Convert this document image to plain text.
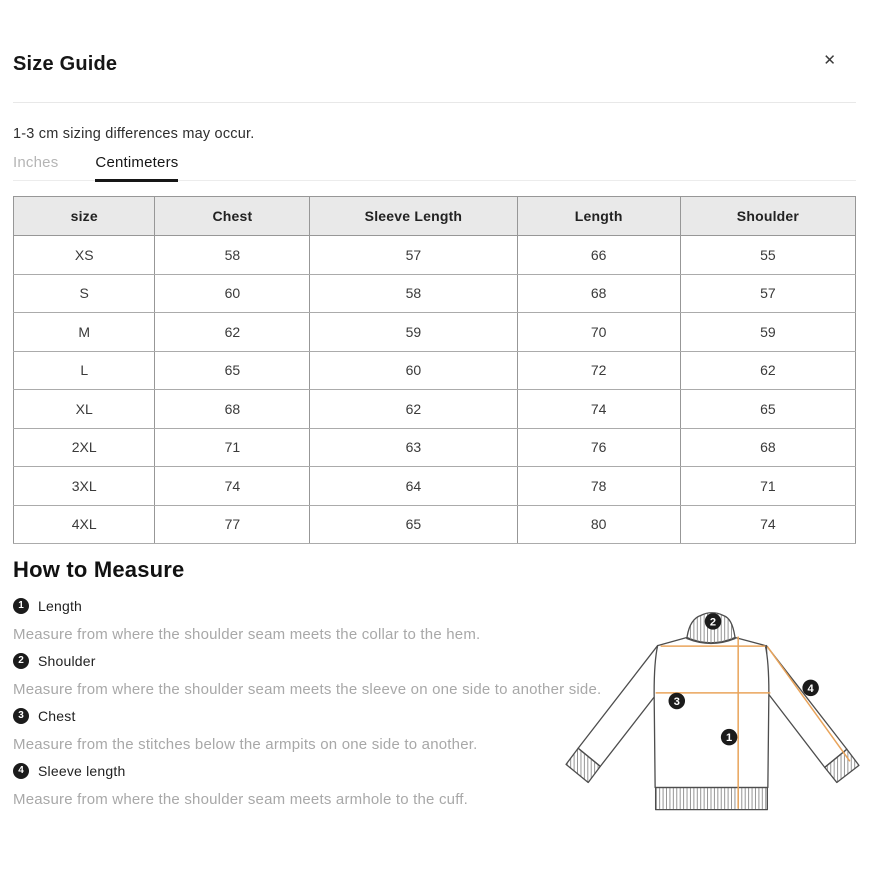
Size Guide	✕
1-3 cm sizing differences may occur.
Inches Centimeters
size	Chest	Sleeve Length	Length	Shoulder
XS	58	57	66	55
S	60	58	68	57
M	62	59	70	59
L	65	60	72	62
XL	68	62	74	65
2XL	71	63	76	68
3XL	74	64	78	71
4XL	77	65	80	74
How to Measure
1	Length
Measure from where the shoulder seam meets the collar to the hem.
2	Shoulder
Measure from where the shoulder seam meets the sleeve on one side to another side.
3	Chest
Measure from the stitches below the armpits on one side to another.
4	Sleeve length
Measure from where the shoulder seam meets armhole to the cuff.
2
3
1
4
